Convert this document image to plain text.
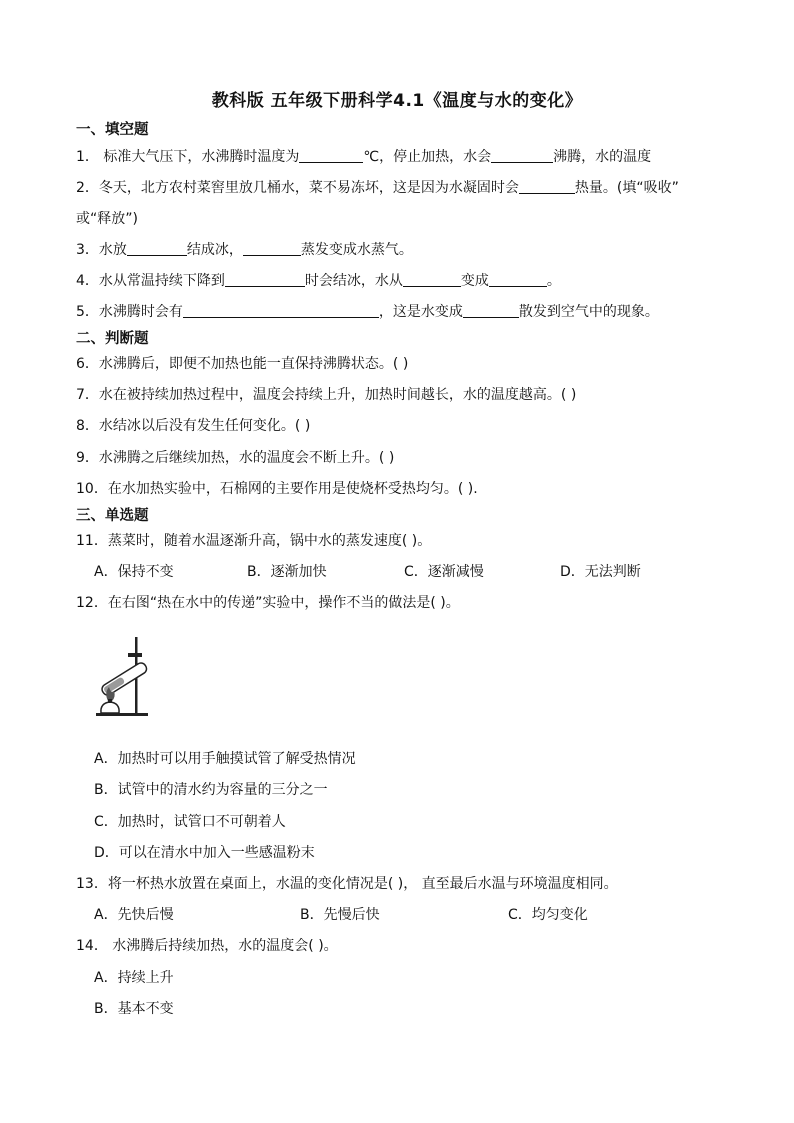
教科版 五年级下册科学4.1《温度与水的变化》
一、填空题
1． 标准大气压下，水沸腾时温度为	℃，停止加热，水会	沸腾，水的温度
2．冬天，北方农村菜窖里放几桶水，菜不易冻坏，这是因为水凝固时会	热量。(填“吸收”
或“释放”)
3．水放	结成冰，	蒸发变成水蒸气。
4．水从常温持续下降到	时会结冰，水从	变成	。
5．水沸腾时会有	，这是水变成	散发到空气中的现象。
二、判断题
6．水沸腾后，即便不加热也能一直保持沸腾状态。( )
7．水在被持续加热过程中，温度会持续上升，加热时间越长，水的温度越高。( )
8．水结冰以后没有发生任何变化。( )
9．水沸腾之后继续加热，水的温度会不断上升。( )
10．在水加热实验中，石棉网的主要作用是使烧杯受热均匀。( ).
三、单选题
11．蒸菜时，随着水温逐渐升高，锅中水的蒸发速度( )。
A．保持不变	B．逐渐加快	C．逐渐减慢	D．无法判断
12．在右图“热在水中的传递”实验中，操作不当的做法是( )。
A．加热时可以用手触摸试管了解受热情况
B．试管中的清水约为容量的三分之一
C．加热时，试管口不可朝着人
D．可以在清水中加入一些感温粉末
13．将一杯热水放置在桌面上，水温的变化情况是( )， 直至最后水温与环境温度相同。
A．先快后慢	B．先慢后快	C．均匀变化
14． 水沸腾后持续加热，水的温度会( )。
A．持续上升
B．基本不变
